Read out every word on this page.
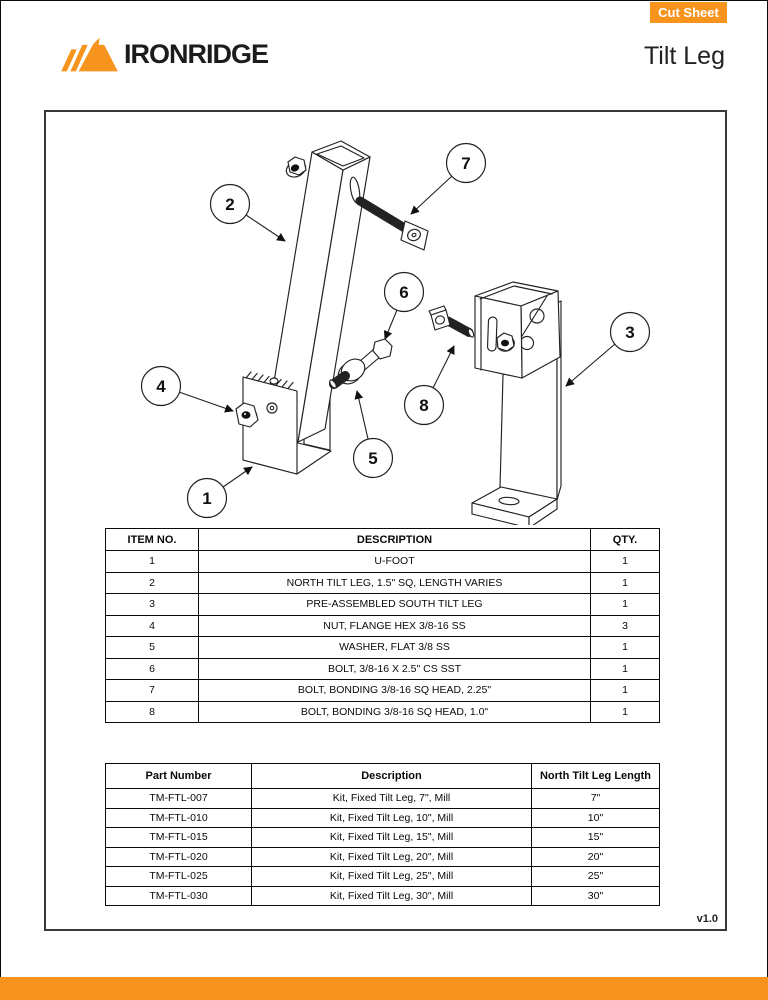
Cut Sheet
IRONRIDGE	Tilt Leg
1
2
3
4
5
6
7
8
ITEM NO.	DESCRIPTION	QTY.
1	U-FOOT	1
2	NORTH TILT LEG, 1.5" SQ, LENGTH VARIES	1
3	PRE-ASSEMBLED SOUTH TILT LEG	1
4	NUT, FLANGE HEX 3/8-16 SS	3
5	WASHER, FLAT 3/8 SS	1
6	BOLT, 3/8-16 X 2.5" CS SST	1
7	BOLT, BONDING 3/8-16 SQ HEAD, 2.25"	1
8	BOLT, BONDING 3/8-16 SQ HEAD, 1.0"	1
Part Number	Description	North Tilt Leg Length
TM-FTL-007	Kit, Fixed Tilt Leg, 7", Mill	7"
TM-FTL-010	Kit, Fixed Tilt Leg, 10", Mill	10"
TM-FTL-015	Kit, Fixed Tilt Leg, 15", Mill	15"
TM-FTL-020	Kit, Fixed Tilt Leg, 20", Mill	20"
TM-FTL-025	Kit, Fixed Tilt Leg, 25", Mill	25"
TM-FTL-030	Kit, Fixed Tilt Leg, 30", Mill	30"
v1.0
